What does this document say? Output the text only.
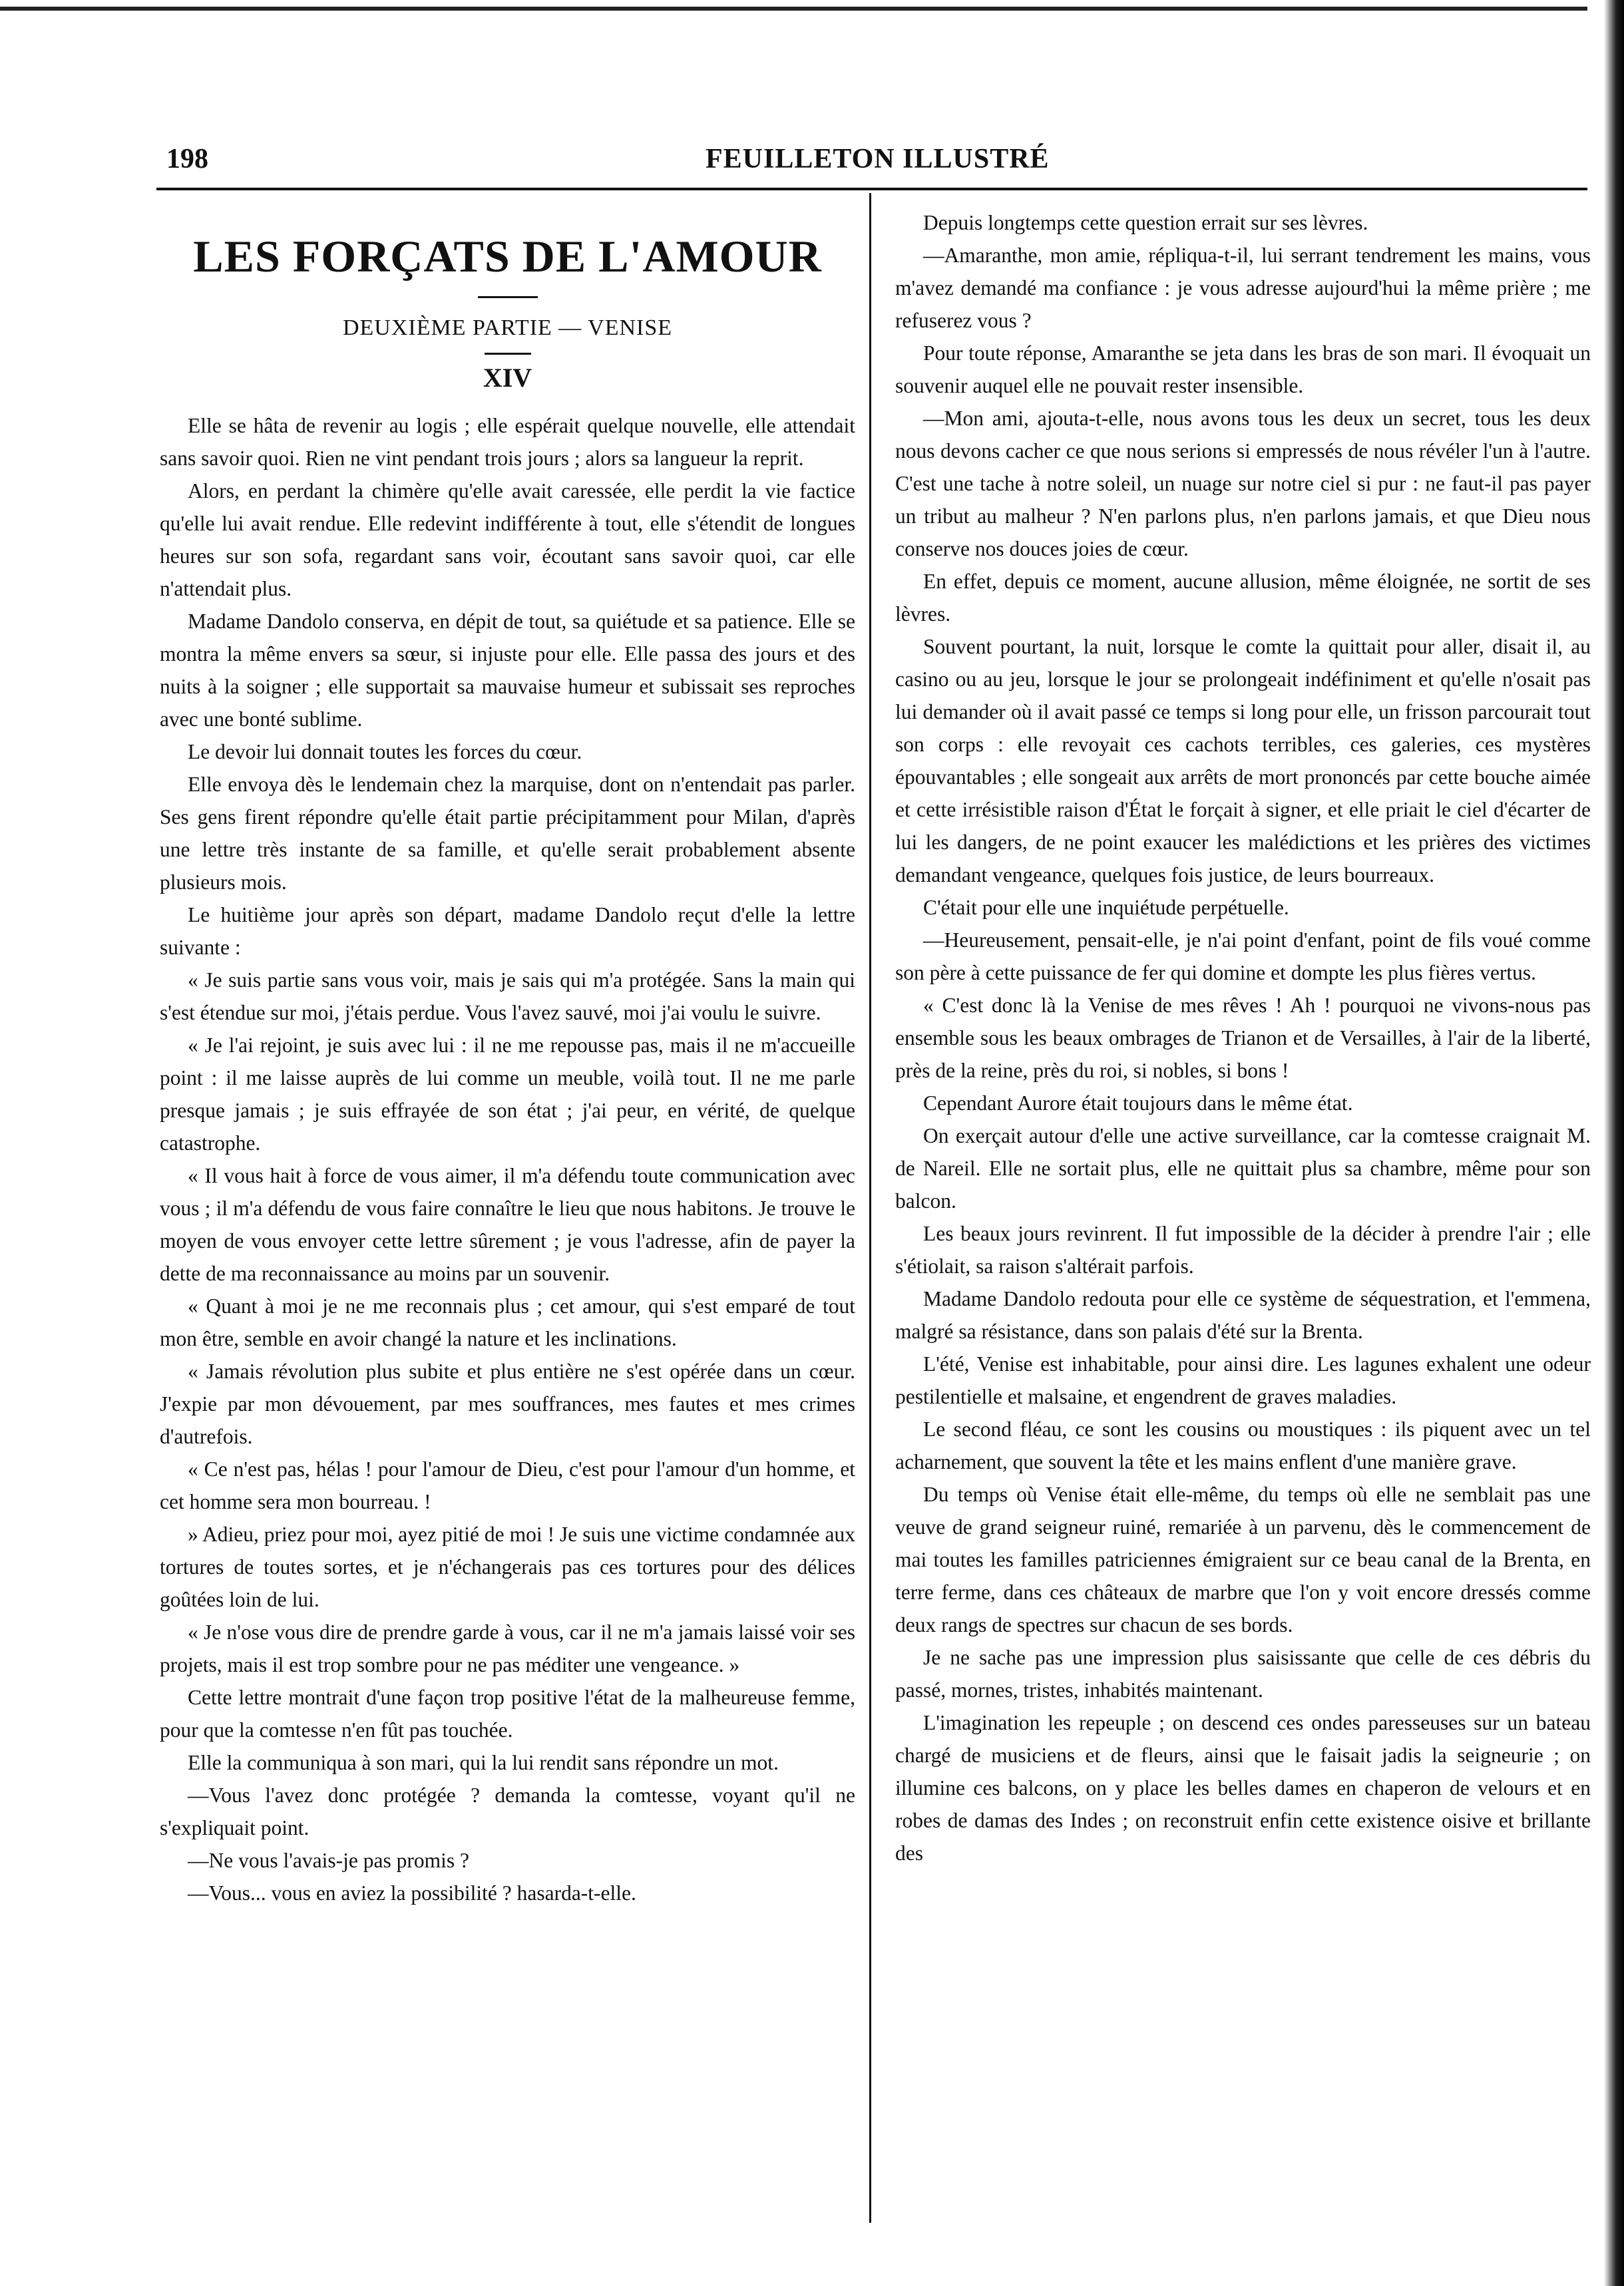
198	FEUILLETON ILLUSTRÉ
LES FORÇATS DE L'AMOUR
DEUXIÈME PARTIE — VENISE
XIV

Elle se hâta de revenir au logis ; elle espérait quelque nouvelle, elle attendait sans savoir quoi. Rien ne vint pendant trois jours ; alors sa langueur la reprit.

Alors, en perdant la chimère qu'elle avait caressée, elle perdit la vie factice qu'elle lui avait rendue. Elle redevint indifférente à tout, elle s'étendit de longues heures sur son sofa, regardant sans voir, écoutant sans savoir quoi, car elle n'attendait plus.

Madame Dandolo conserva, en dépit de tout, sa quiétude et sa patience. Elle se montra la même envers sa sœur, si injuste pour elle. Elle passa des jours et des nuits à la soigner ; elle supportait sa mauvaise humeur et subissait ses reproches avec une bonté sublime.

Le devoir lui donnait toutes les forces du cœur.

Elle envoya dès le lendemain chez la marquise, dont on n'entendait pas parler. Ses gens firent répondre qu'elle était partie précipitamment pour Milan, d'après une lettre très instante de sa famille, et qu'elle serait probablement absente plusieurs mois.

Le huitième jour après son départ, madame Dandolo reçut d'elle la lettre suivante :

« Je suis partie sans vous voir, mais je sais qui m'a protégée. Sans la main qui s'est étendue sur moi, j'étais perdue. Vous l'avez sauvé, moi j'ai voulu le suivre.

« Je l'ai rejoint, je suis avec lui : il ne me repousse pas, mais il ne m'accueille point : il me laisse auprès de lui comme un meuble, voilà tout. Il ne me parle presque jamais ; je suis effrayée de son état ; j'ai peur, en vérité, de quelque catastrophe.

« Il vous hait à force de vous aimer, il m'a défendu toute communication avec vous ; il m'a défendu de vous faire connaître le lieu que nous habitons. Je trouve le moyen de vous envoyer cette lettre sûrement ; je vous l'adresse, afin de payer la dette de ma reconnaissance au moins par un souvenir.

« Quant à moi je ne me reconnais plus ; cet amour, qui s'est emparé de tout mon être, semble en avoir changé la nature et les inclinations.

« Jamais révolution plus subite et plus entière ne s'est opérée dans un cœur. J'expie par mon dévouement, par mes souffrances, mes fautes et mes crimes d'autrefois.

« Ce n'est pas, hélas ! pour l'amour de Dieu, c'est pour l'amour d'un homme, et cet homme sera mon bourreau. !

» Adieu, priez pour moi, ayez pitié de moi ! Je suis une victime condamnée aux tortures de toutes sortes, et je n'échangerais pas ces tortures pour des délices goûtées loin de lui.

« Je n'ose vous dire de prendre garde à vous, car il ne m'a jamais laissé voir ses projets, mais il est trop sombre pour ne pas méditer une vengeance. »

Cette lettre montrait d'une façon trop positive l'état de la malheureuse femme, pour que la comtesse n'en fût pas touchée.

Elle la communiqua à son mari, qui la lui rendit sans répondre un mot.

—Vous l'avez donc protégée ? demanda la comtesse, voyant qu'il ne s'expliquait point.

—Ne vous l'avais-je pas promis ?

—Vous... vous en aviez la possibilité ? hasarda-t-elle.

Depuis longtemps cette question errait sur ses lèvres.

—Amaranthe, mon amie, répliqua-t-il, lui serrant tendrement les mains, vous m'avez demandé ma confiance : je vous adresse aujourd'hui la même prière ; me refuserez vous ?

Pour toute réponse, Amaranthe se jeta dans les bras de son mari. Il évoquait un souvenir auquel elle ne pouvait rester insensible.

—Mon ami, ajouta-t-elle, nous avons tous les deux un secret, tous les deux nous devons cacher ce que nous serions si empressés de nous révéler l'un à l'autre. C'est une tache à notre soleil, un nuage sur notre ciel si pur : ne faut-il pas payer un tribut au malheur ? N'en parlons plus, n'en parlons jamais, et que Dieu nous conserve nos douces joies de cœur.

En effet, depuis ce moment, aucune allusion, même éloignée, ne sortit de ses lèvres.

Souvent pourtant, la nuit, lorsque le comte la quittait pour aller, disait il, au casino ou au jeu, lorsque le jour se prolongeait indéfiniment et qu'elle n'osait pas lui demander où il avait passé ce temps si long pour elle, un frisson parcourait tout son corps : elle revoyait ces cachots terribles, ces galeries, ces mystères épouvantables ; elle songeait aux arrêts de mort prononcés par cette bouche aimée et cette irrésistible raison d'État le forçait à signer, et elle priait le ciel d'écarter de lui les dangers, de ne point exaucer les malédictions et les prières des victimes demandant vengeance, quelques fois justice, de leurs bourreaux.

C'était pour elle une inquiétude perpétuelle.

—Heureusement, pensait-elle, je n'ai point d'enfant, point de fils voué comme son père à cette puissance de fer qui domine et dompte les plus fières vertus.

« C'est donc là la Venise de mes rêves ! Ah ! pourquoi ne vivons-nous pas ensemble sous les beaux ombrages de Trianon et de Versailles, à l'air de la liberté, près de la reine, près du roi, si nobles, si bons !

Cependant Aurore était toujours dans le même état.

On exerçait autour d'elle une active surveillance, car la comtesse craignait M. de Nareil. Elle ne sortait plus, elle ne quittait plus sa chambre, même pour son balcon.

Les beaux jours revinrent. Il fut impossible de la décider à prendre l'air ; elle s'étiolait, sa raison s'altérait parfois.

Madame Dandolo redouta pour elle ce système de séquestration, et l'emmena, malgré sa résistance, dans son palais d'été sur la Brenta.

L'été, Venise est inhabitable, pour ainsi dire. Les lagunes exhalent une odeur pestilentielle et malsaine, et engendrent de graves maladies.

Le second fléau, ce sont les cousins ou moustiques : ils piquent avec un tel acharnement, que souvent la tête et les mains enflent d'une manière grave.

Du temps où Venise était elle-même, du temps où elle ne semblait pas une veuve de grand seigneur ruiné, remariée à un parvenu, dès le commencement de mai toutes les familles patriciennes émigraient sur ce beau canal de la Brenta, en terre ferme, dans ces châteaux de marbre que l'on y voit encore dressés comme deux rangs de spectres sur chacun de ses bords.

Je ne sache pas une impression plus saisissante que celle de ces débris du passé, mornes, tristes, inhabités maintenant.

L'imagination les repeuple ; on descend ces ondes paresseuses sur un bateau chargé de musiciens et de fleurs, ainsi que le faisait jadis la seigneurie ; on illumine ces balcons, on y place les belles dames en chaperon de velours et en robes de damas des Indes ; on reconstruit enfin cette existence oisive et brillante des
